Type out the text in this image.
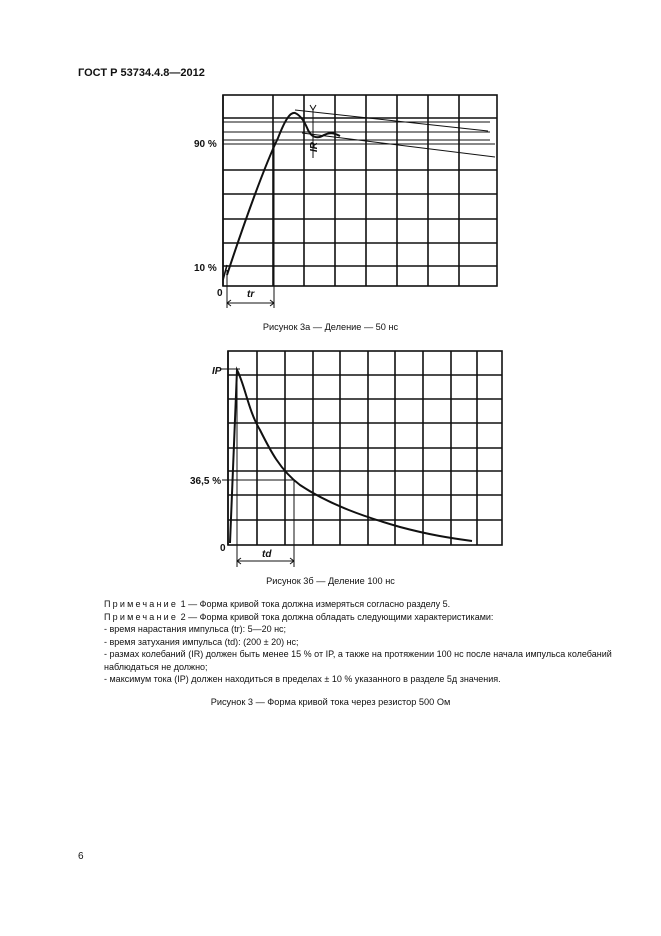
ГОСТ Р 53734.4.8—2012
90 %
10 %
0 tr
IR
Рисунок 3а — Деление — 50 нс
IP
36,5 %
0
td
Рисунок 3б — Деление 100 нс

Примечание 1 — Форма кривой тока должна измеряться согласно разделу 5.

Примечание 2 — Форма кривой тока должна обладать следующими характеристиками:

- время нарастания импульса (tr): 5—20 нс;

- время затухания импульса (td): (200 ± 20) нс;

- размах колебаний (IR) должен быть менее 15 % от IP, а также на протяжении 100 нс после начала импульса колебаний наблюдаться не должно;

- максимум тока (IP) должен находиться в пределах ± 10 % указанного в разделе 5д значения.

Рисунок 3 — Форма кривой тока через резистор 500 Ом
6
